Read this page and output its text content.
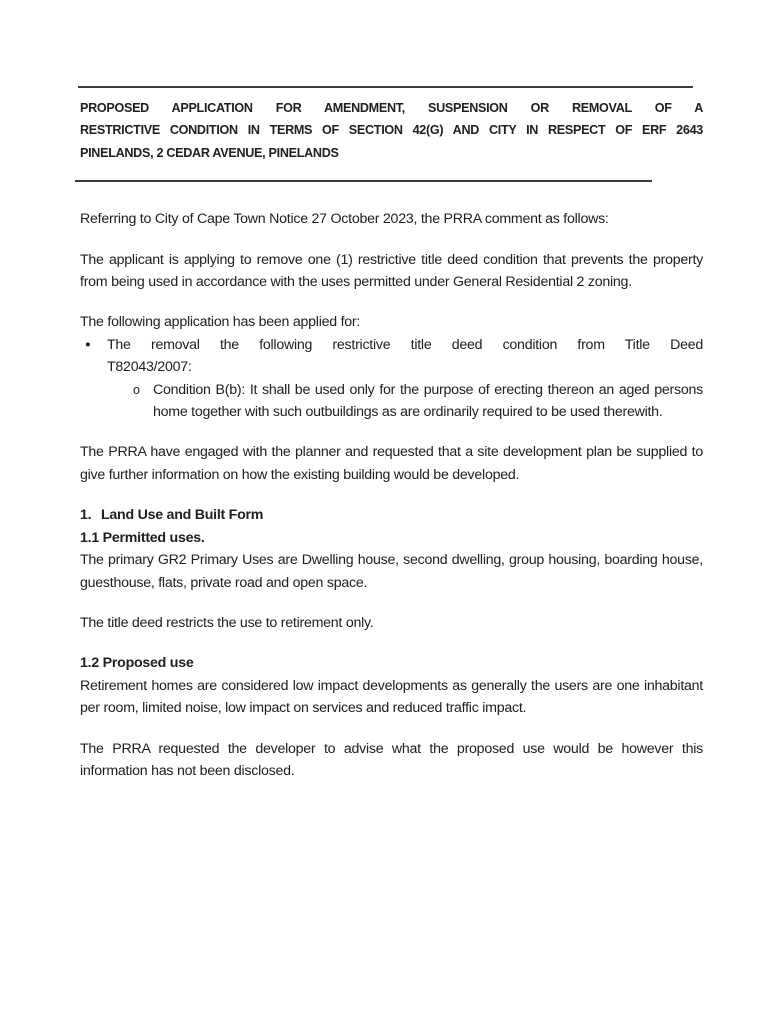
PROPOSED APPLICATION FOR AMENDMENT, SUSPENSION OR REMOVAL OF A
RESTRICTIVE CONDITION IN TERMS OF SECTION 42(G) AND CITY IN RESPECT OF ERF 2643
PINELANDS, 2 CEDAR AVENUE, PINELANDS

Referring to City of Cape Town Notice 27 October 2023, the PRRA comment as follows:

The applicant is applying to remove one (1) restrictive title deed condition that prevents the property from being used in accordance with the uses permitted under General Residential 2 zoning.

The following application has been applied for:

● The removal the following restrictive title deed condition from Title Deed
T82043/2007:
o Condition B(b): It shall be used only for the purpose of erecting thereon an aged persons home together with such outbuildings as are ordinarily required to be used therewith.

The PRRA have engaged with the planner and requested that a site development plan be supplied to give further information on how the existing building would be developed.

1. Land Use and Built Form

1.1 Permitted uses.

The primary GR2 Primary Uses are Dwelling house, second dwelling, group housing, boarding house, guesthouse, flats, private road and open space.

The title deed restricts the use to retirement only.

1.2 Proposed use

Retirement homes are considered low impact developments as generally the users are one inhabitant per room, limited noise, low impact on services and reduced traffic impact.

The PRRA requested the developer to advise what the proposed use would be however this information has not been disclosed.
